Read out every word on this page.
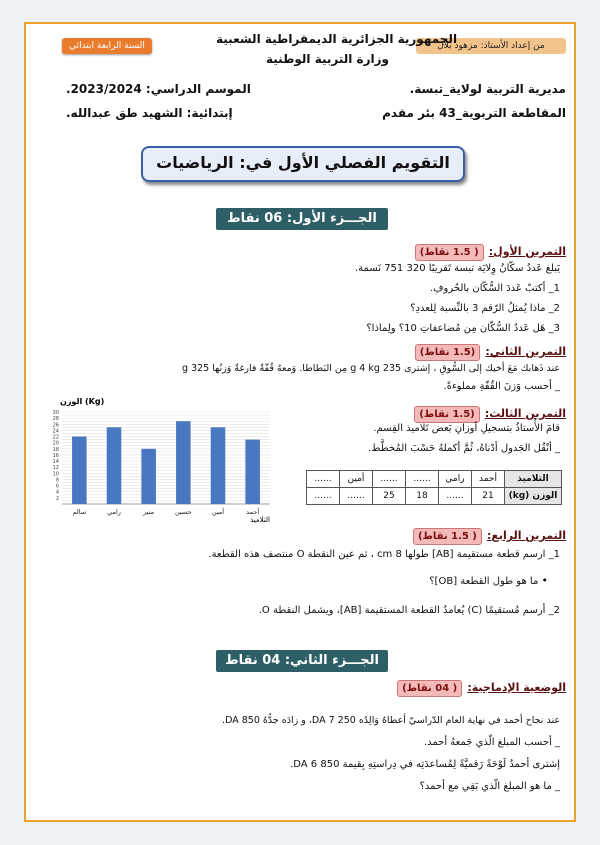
من إعداد الأستاذ: مزهود بلال
السنة الرابعة ابتدائي	الجمهورية الجزائرية الديمقراطية الشعبية
وزارة التربية الوطنية
مديرية التربية لولاية_تبسة.
المقاطعة التربوية_43 بئر مقدم
الموسم الدراسي: 2023/2024.
إبتدائية: الشهيد طق عبدالله.
التقويم الفصلي الأول في: الرياضيات
الجـــزء الأول: 06 نقاط
التمرين الأول: ( 1.5 نقاط)
يَبلغ عَددُ سكّانُ وِلايَة تبسة تَقريبًا 320 751 نَسمة.
1_ أكتبْ عَددَ السُّكّان بالحُروفِ.
2_ ماذا يُمثلُ الرّقم 3 بالنِّسبة لِلعددِ؟
3_ هَل عَددُ السُّكّان مِن مُضاعفاتِ 10؟ ولِماذا؟
التمرين الثاني: (1.5 نقاط)
عند ذَهابك مَعَ أخيك إلى السُّوقِ ، إشترى 235 g 4 kg مِن البَطاطا. وَمعهُ قُفّةٌ فارغةٌ وَزنُها 325 g
_ أحسب وَزنَ القُفّةِ مملوءةً.
التمرين الثالث: (1.5 نقاط)
قامَ الأُستاذُ بتسجيلِ أوزانِ بَعض تَلاميذ القِسم.
_ أنْقُل الجَدول أدْناهُ، ثُمَّ أكملهُ حَسْبَ المُخطَّط.
التلاميذ	أحمد	رامي	......	......	أمين	......
الوزن (kg)	21	......	18	25	......	......
الوزن (Kg)
التلاميذ
2
4
6
8
10
12
14
16
18
20
22
24
26
28
30
أحمد
أمين
حسين
منير
رامي
سالم
التمرين الرابع: ( 1.5 نقاط)
1_ ارسم قطعة مستقيمة [AB] طولها 8 cm ، ثم عين النقطة O منتصف هذه القطعة.
• ما هو طول القطعة [OB]؟
2_ أرسم مُستقيمًا (C) يُعامدُ القطعة المستقيمة [AB]، ويشمل النقطة O.
الجـــزء الثاني: 04 نقاط
الوضعية الإدماجية: ( 04 نقاط)
عند نجاح أحمد في نهاية العام الدّراسيّ أعطاهُ وَالِدُه 250 DA 7، و زادَه جدُّهُ 850 DA.
_ أحسب المبلغ الّذي جَمعهُ أحمد.
إشترى أحمدُ لَوْحَةً رَقميَّةً لِمُساعدَتِه في دِراستِهِ بِقيمة 850 DA 6.
_ ما هو المبلغ الّذي بَقِي مع أحمد؟
